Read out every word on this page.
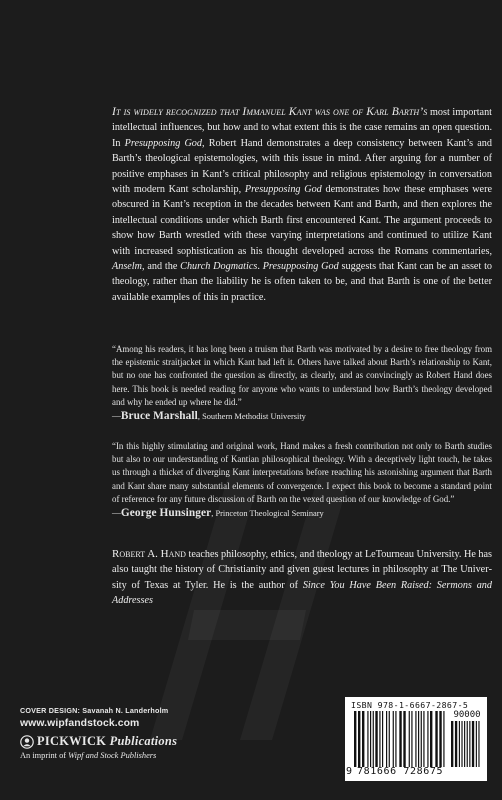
It is widely recognized that Immanuel Kant was one of Karl Barth’s most important intellectual influences, but how and to what extent this is the case remains an open question. In Presupposing God, Robert Hand demonstrates a deep consistency between Kant’s and Barth’s theological epistemologies, with this issue in mind. After arguing for a number of positive emphases in Kant’s critical philosophy and religious epistemology in conversation with modern Kant scholarship, Presupposing God demonstrates how these emphases were obscured in Kant’s reception in the decades between Kant and Barth, and then explores the intellectual conditions under which Barth first encountered Kant. The argument proceeds to show how Barth wrestled with these varying interpretations and continued to utilize Kant with increased sophistication as his thought developed across the Romans commentaries, Anselm, and the Church Dogmatics. Presupposing God suggests that Kant can be an asset to theology, rather than the liability he is often taken to be, and that Barth is one of the better available examples of this in practice.
“Among his readers, it has long been a truism that Barth was motivated by a desire to free theology from the epistemic straitjacket in which Kant had left it. Others have talked about Barth’s relationship to Kant, but no one has confronted the question as directly, as clearly, and as convincingly as Robert Hand does here. This book is needed reading for anyone who wants to understand how Barth’s theology developed and why he ended up where he did.”
—Bruce Marshall, Southern Methodist University
“In this highly stimulating and original work, Hand makes a fresh contribution not only to Barth studies but also to our understanding of Kantian philosophical theology. With a deceptively light touch, he takes us through a thicket of diverging Kant interpretations before reaching his astonishing argument that Barth and Kant share many substantial elements of convergence. I expect this book to become a standard point of reference for any future discussion of Barth on the vexed question of our knowledge of God.”
—George Hunsinger, Princeton Theological Seminary
Robert A. Hand teaches philosophy, ethics, and theology at LeTourneau University. He has also taught the history of Christianity and given guest lectures in philosophy at The University of Texas at Tyler. He is the author of Since You Have Been Raised: Sermons and Addresses
COVER DESIGN: Savanah N. Landerholm
www.wipfandstock.com
PICKWICK Publications
An imprint of Wipf and Stock Publishers
ISBN 978-1-6667-2867-5
90000
9 781666 728675
